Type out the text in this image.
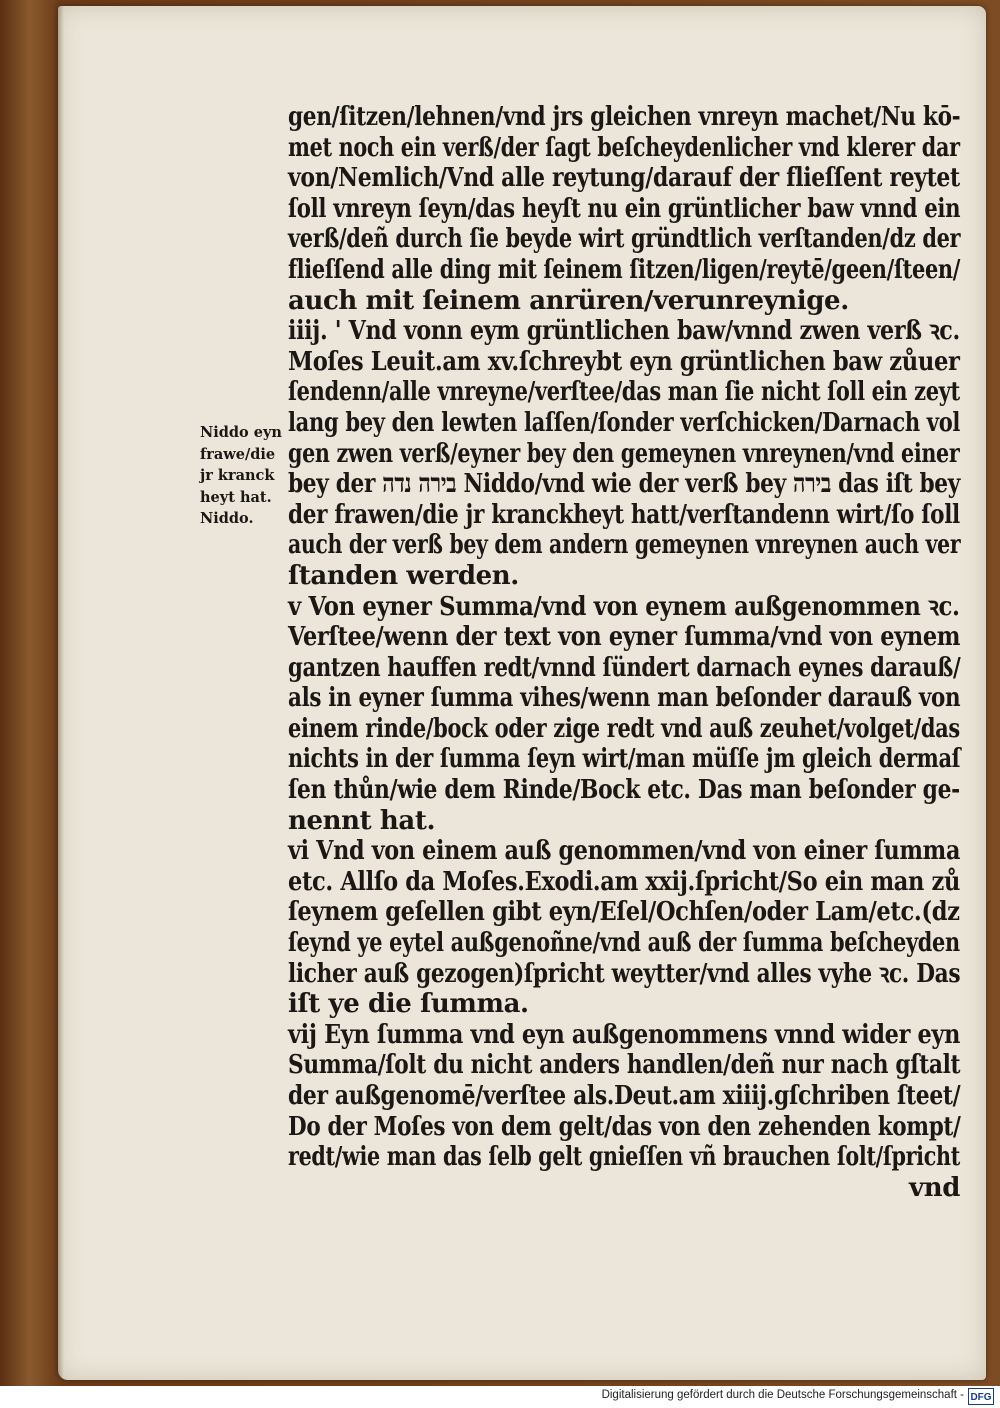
gen/ſitzen/lehnen/vnd jrs gleichen vnreyn machet/Nu kō-
met noch ein verß/der ſagt beſcheydenlicher vnd klerer dar
von/Nemlich/Vnd alle reytung/darauf der flieſſent reytet
ſoll vnreyn ſeyn/das heyſt nu ein grüntlicher baw vnnd ein
verß/deñ durch ſie beyde wirt gründtlich verſtanden/dz der
flieſſend alle ding mit ſeinem ſitzen/ligen/reytē/geen/ſteen/
auch mit ſeinem anrüren/verunreynige.
iiij. ' Vnd vonn eym grüntlichen baw/vnnd zwen verß ꝛc.
Moſes Leuit.am xv.ſchreybt eyn grüntlichen baw zůuer
ſendenn/alle vnreyne/verſtee/das man ſie nicht ſoll ein zeyt
lang bey den lewten laſſen/ſonder verſchicken/Darnach vol
gen zwen verß/eyner bey den gemeynen vnreynen/vnd einer
bey der בירה נדה Niddo/vnd wie der verß bey בירה das iſt bey
der frawen/die jr kranckheyt hatt/verſtandenn wirt/ſo ſoll
auch der verß bey dem andern gemeynen vnreynen auch ver
ſtanden werden.
v Von eyner Summa/vnd von eynem außgenommen ꝛc.
Verſtee/wenn der text von eyner ſumma/vnd von eynem
gantzen hauffen redt/vnnd ſündert darnach eynes darauß/
als in eyner ſumma vihes/wenn man beſonder darauß von
einem rinde/bock oder zige redt vnd auß zeuhet/volget/das
nichts in der ſumma ſeyn wirt/man müſſe jm gleich dermaſ
ſen thůn/wie dem Rinde/Bock etc. Das man beſonder ge-
nennt hat.
vi Vnd von einem auß genommen/vnd von einer ſumma
etc. Allſo da Moſes.Exodi.am xxij.ſpricht/So ein man zů
ſeynem geſellen gibt eyn/Eſel/Ochſen/oder Lam/etc.(dz
ſeynd ye eytel außgenoñne/vnd auß der ſumma beſcheyden
licher auß gezogen)ſpricht weytter/vnd alles vyhe ꝛc. Das
iſt ye die ſumma.
vij Eyn ſumma vnd eyn außgenommens vnnd wider eyn
Summa/ſolt du nicht anders handlen/deñ nur nach gſtalt
der außgenomē/verſtee als.Deut.am xiiij.gſchriben ſteet/
Do der Moſes von dem gelt/das von den zehenden kompt/
redt/wie man das ſelb gelt gnieſſen vñ brauchen ſolt/ſpricht
vnd
Niddo eyn
frawe/die
jr kranck
heyt hat.
Niddo.
Digitalisierung gefördert durch die Deutsche Forschungsgemeinschaft - DFG
